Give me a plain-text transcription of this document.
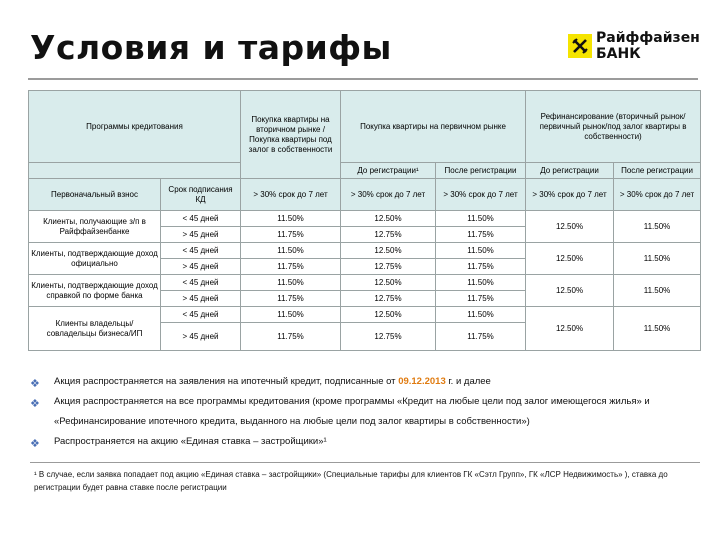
Условия и тарифы	Райффайзен
БАНК
Программы кредитования		Покупка квартиры на вторичном рынке / Покупка квартиры под залог в собственности	Покупка квартиры на первичном рынке		Рефинансирование (вторичный рынок/первичный рынок/под залог квартиры в собственности)	
			До регистрации¹	После регистрации	До регистрации	После регистрации
Первоначальный взнос	Срок подписания КД	> 30% срок до 7 лет	> 30% срок до 7 лет	> 30% срок до 7 лет	> 30% срок до 7 лет	> 30% срок до 7 лет
Клиенты, получающие з/п в Райффайзенбанке	< 45 дней	11.50%	12.50%	11.50%	12.50%	11.50%
	> 45 дней	11.75%	12.75%	11.75%		
Клиенты, подтверждающие доход официально	< 45 дней	11.50%	12.50%	11.50%	12.50%	11.50%
	> 45 дней	11.75%	12.75%	11.75%		
Клиенты, подтверждающие доход справкой по форме банка	< 45 дней	11.50%	12.50%	11.50%	12.50%	11.50%
	> 45 дней	11.75%	12.75%	11.75%		
Клиенты владельцы/совладельцы бизнеса/ИП	< 45 дней	11.50%	12.50%	11.50%	12.50%	11.50%
	> 45 дней	11.75%	12.75%	11.75%		
❖ Акция распространяется на заявления на ипотечный кредит, подписанные от 09.12.2013 г. и далее
❖ Акция распространяется на все программы кредитования (кроме программы «Кредит на любые цели под залог имеющегося жилья» и «Рефинансирование ипотечного кредита, выданного на любые цели под залог квартиры в собственности»)
❖ Распространяется на акцию «Единая ставка – застройщики»¹
¹ В случае, если заявка попадает под акцию «Единая ставка – застройщики» (Специальные тарифы для клиентов ГК «Сэтл Групп», ГК «ЛСР Недвижимость» ), ставка до регистрации будет равна ставке после регистрации
